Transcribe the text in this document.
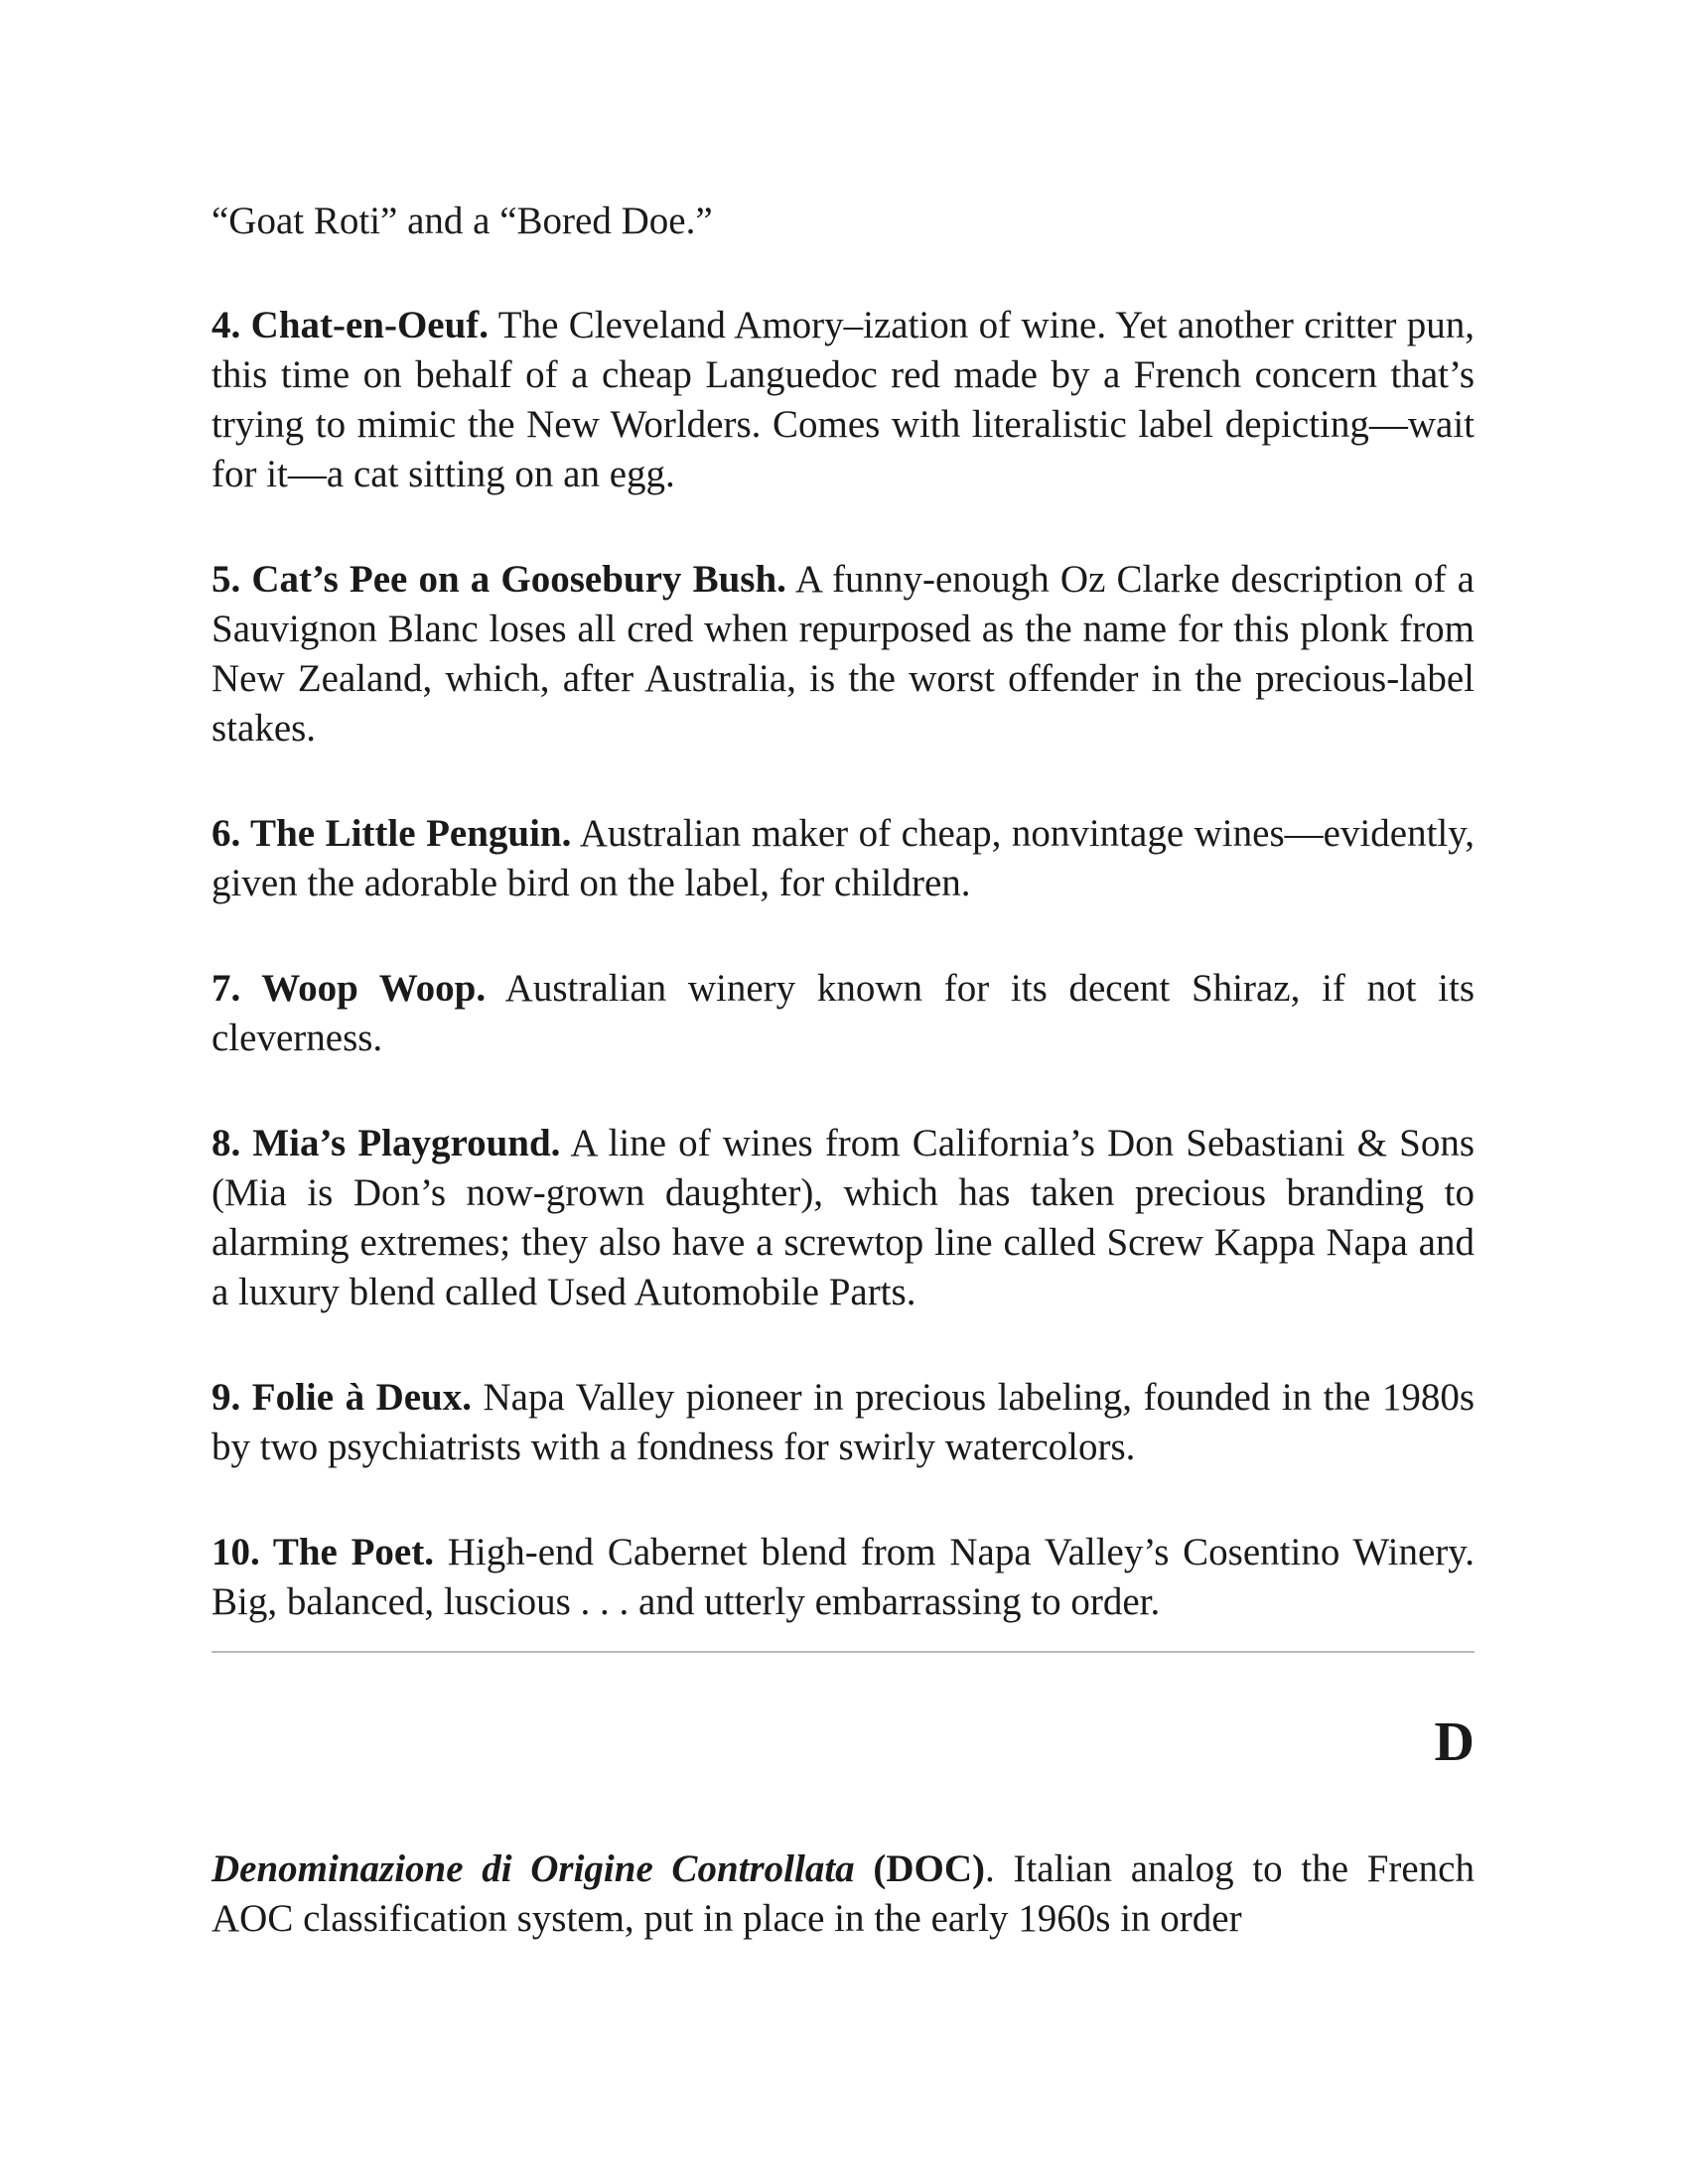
“Goat Roti” and a “Bored Doe.”

4. Chat-en-Oeuf. The Cleveland Amory–ization of wine. Yet another critter pun, this time on behalf of a cheap Languedoc red made by a French concern that’s trying to mimic the New Worlders. Comes with literalistic label depicting—wait for it—a cat sitting on an egg.

5. Cat’s Pee on a Goosebury Bush. A funny-enough Oz Clarke description of a Sauvignon Blanc loses all cred when repurposed as the name for this plonk from New Zealand, which, after Australia, is the worst offender in the precious-label stakes.

6. The Little Penguin. Australian maker of cheap, nonvintage wines—evidently, given the adorable bird on the label, for children.

7. Woop Woop. Australian winery known for its decent Shiraz, if not its cleverness.

8. Mia’s Playground. A line of wines from California’s Don Sebastiani & Sons (Mia is Don’s now-grown daughter), which has taken precious branding to alarming extremes; they also have a screwtop line called Screw Kappa Napa and a luxury blend called Used Automobile Parts.

9. Folie à Deux. Napa Valley pioneer in precious labeling, founded in the 1980s by two psychiatrists with a fondness for swirly watercolors.

10. The Poet. High-end Cabernet blend from Napa Valley’s Cosentino Winery. Big, balanced, luscious . . . and utterly embarrassing to order.

D

Denominazione di Origine Controllata (DOC). Italian analog to the French AOC classification system, put in place in the early 1960s in order
